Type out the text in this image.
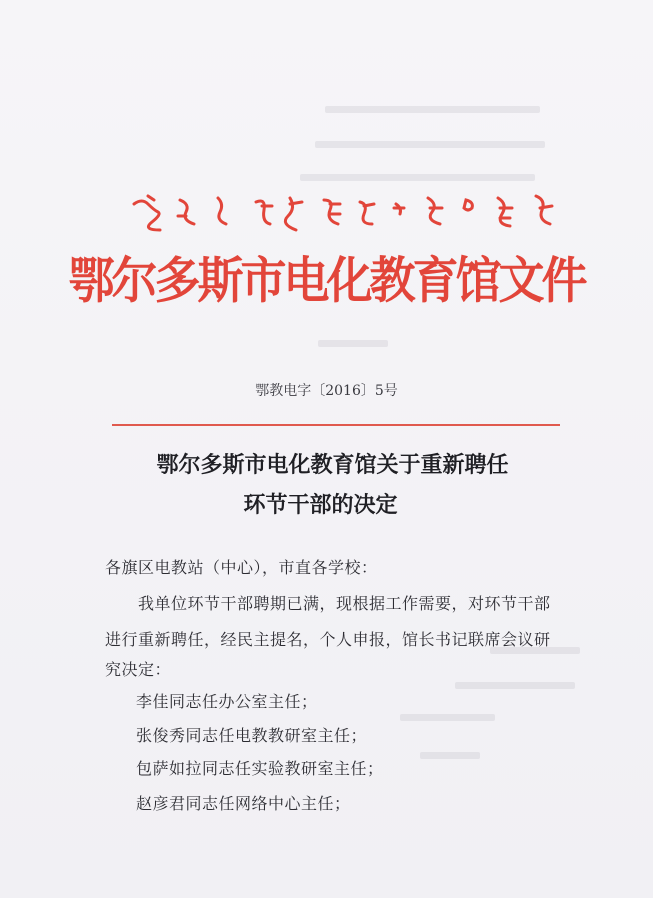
鄂尔多斯市电化教育馆文件
鄂教电字〔2016〕5号
鄂尔多斯市电化教育馆关于重新聘任
环节干部的决定
各旗区电教站（中心），市直各学校：
我单位环节干部聘期已满，现根据工作需要，对环节干部
进行重新聘任，经民主提名，个人申报，馆长书记联席会议研
究决定：
李佳同志任办公室主任；
张俊秀同志任电教教研室主任；
包萨如拉同志任实验教研室主任；
赵彦君同志任网络中心主任；
